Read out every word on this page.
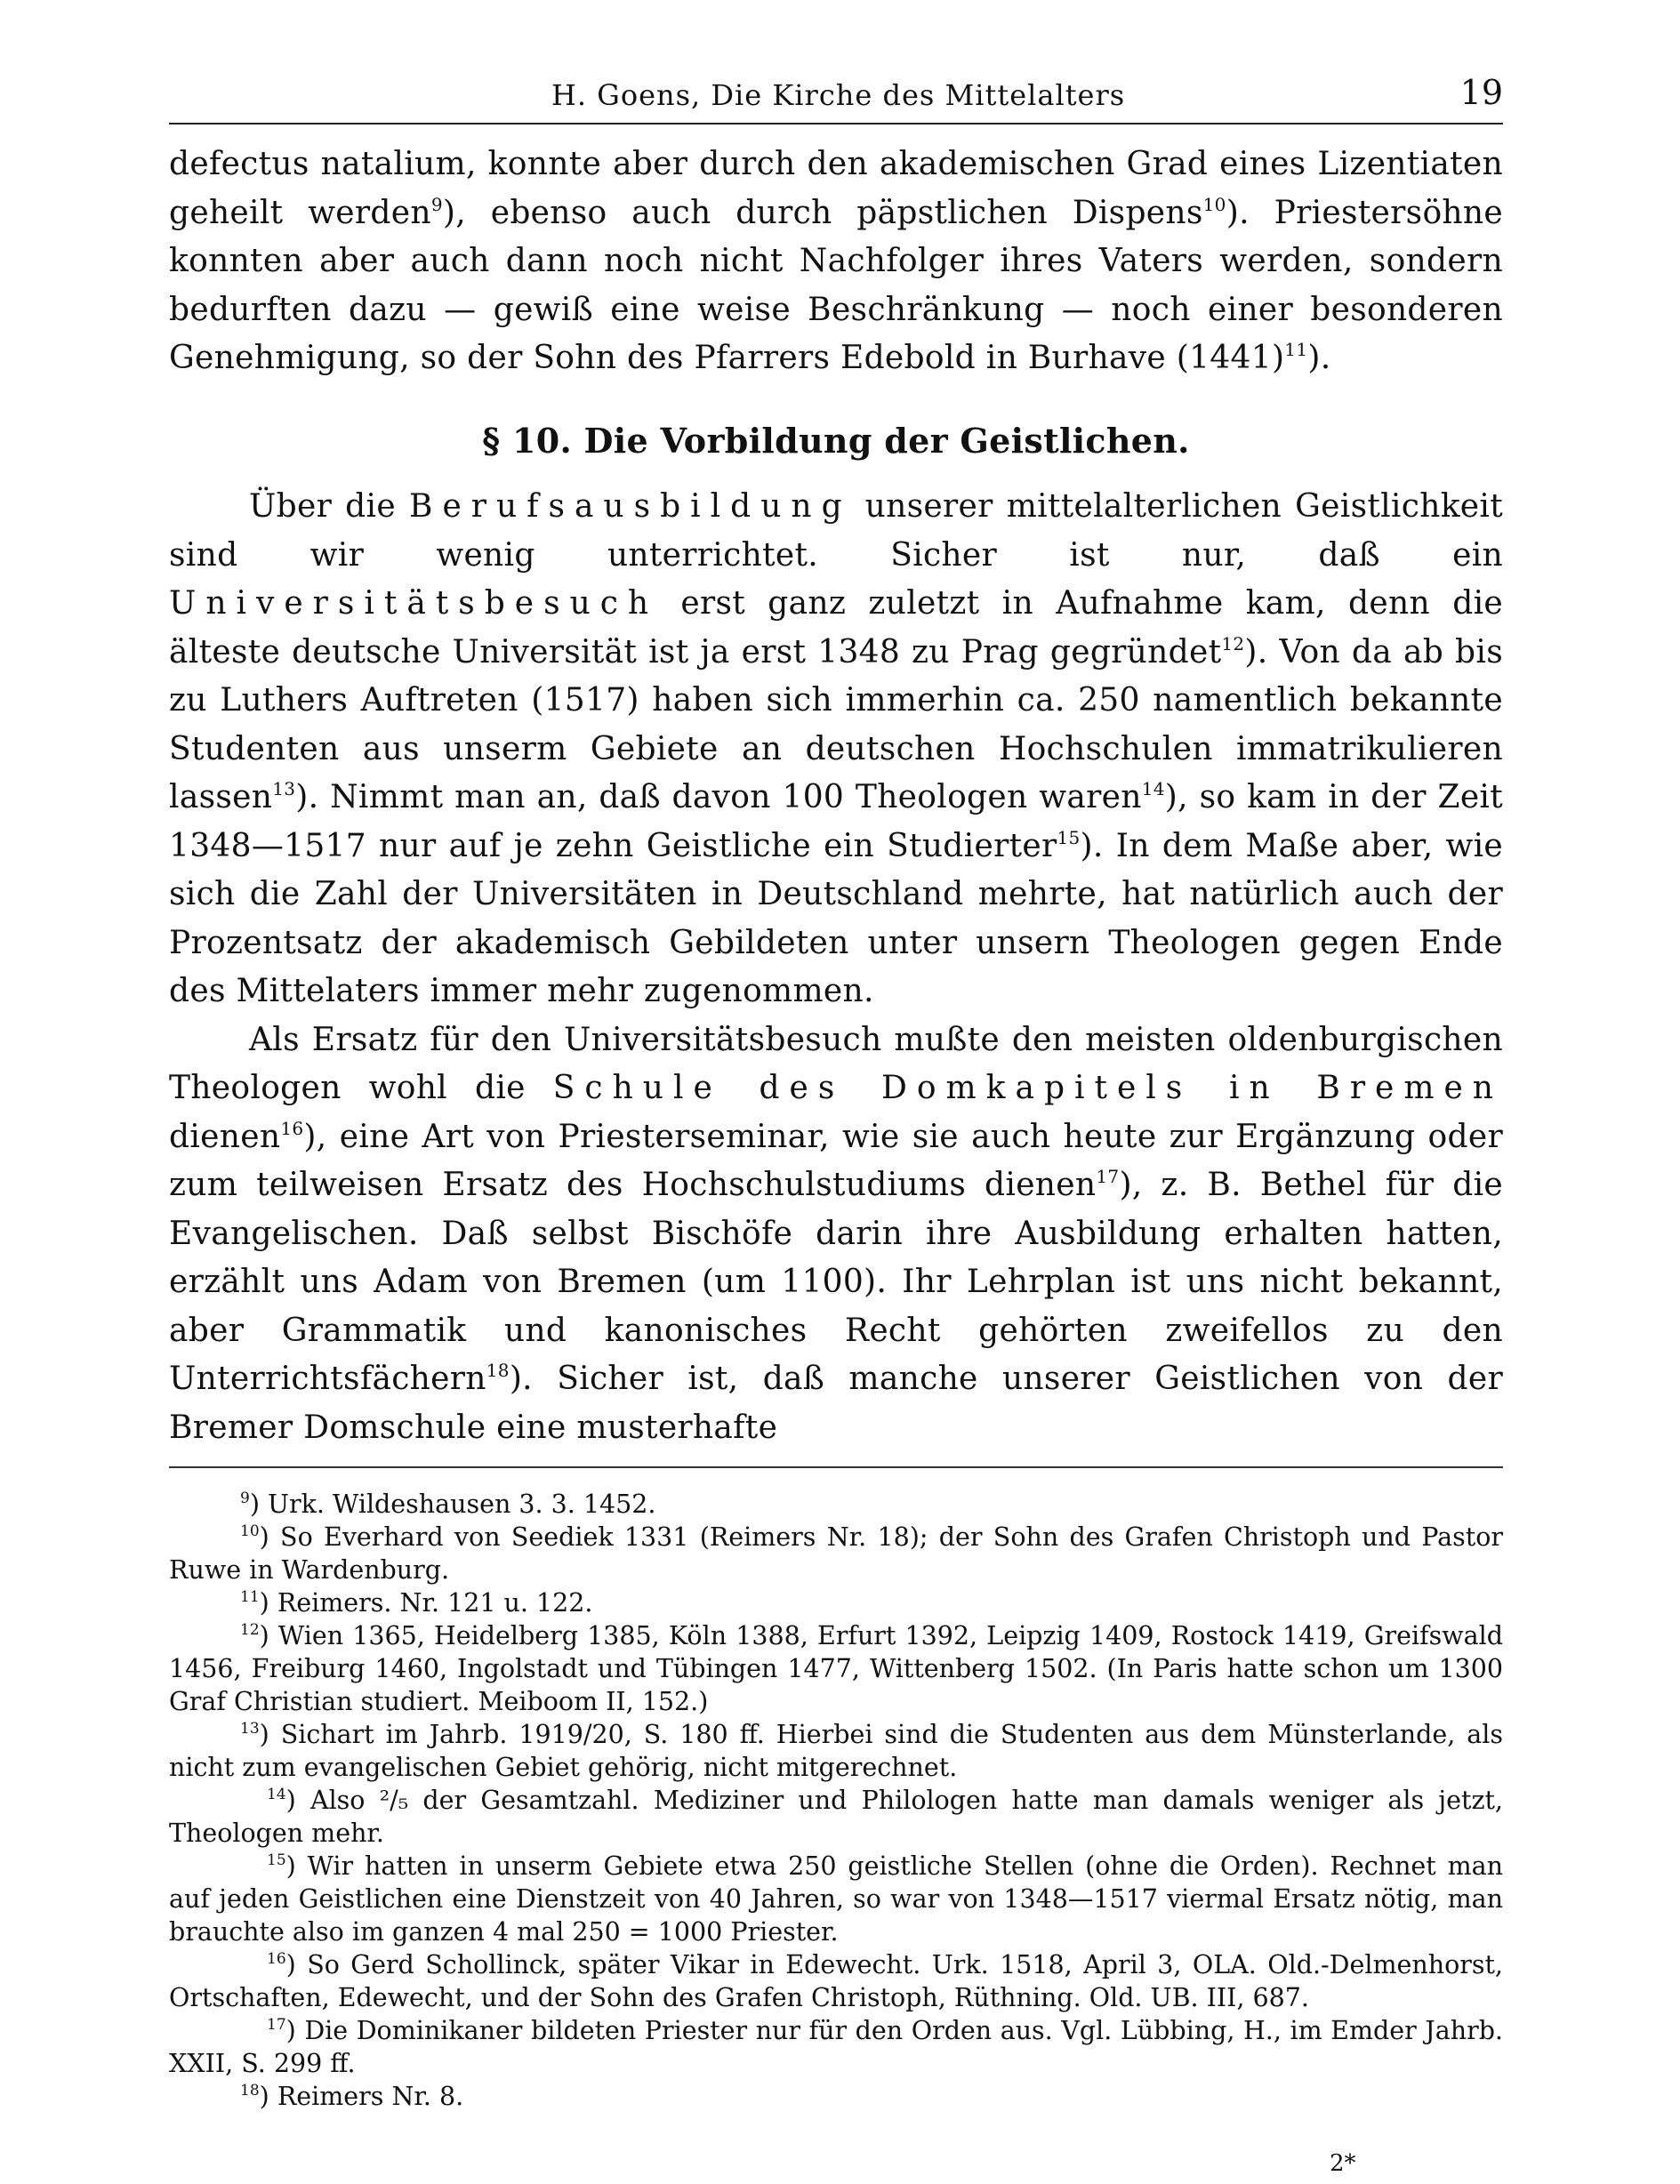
H. Goens, Die Kirche des Mittelalters	19

defectus natalium, konnte aber durch den akademischen Grad eines Lizentiaten geheilt werden$^9$), ebenso auch durch päpstlichen Dispens$^{10}$). Priestersöhne konnten aber auch dann noch nicht Nachfolger ihres Vaters werden, sondern bedurften dazu — gewiß eine weise Beschränkung — noch einer besonderen Genehmigung, so der Sohn des Pfarrers Edebold in Burhave $(1441)^{11}$).

§ 10. Die Vorbildung der Geistlichen.

Über die Berufsausbildung unserer mittelalterlichen Geistlichkeit sind wir wenig unterrichtet. Sicher ist nur, daß ein Universitätsbesuch erst ganz zuletzt in Aufnahme kam, denn die älteste deutsche Universität ist ja erst 1348 zu Prag gegründet$^{12}$). Von da ab bis zu Luthers Auftreten (1517) haben sich immerhin ca. 250 namentlich bekannte Studenten aus unserm Gebiete an deutschen Hochschulen immatrikulieren lassen$^{13}$). Nimmt man an, daß davon 100 Theologen waren$^{14}$), so kam in der Zeit 1348—1517 nur auf je zehn Geistliche ein Studierter$^{15}$). In dem Maße aber, wie sich die Zahl der Universitäten in Deutschland mehrte, hat natürlich auch der Prozentsatz der akademisch Gebildeten unter unsern Theologen gegen Ende des Mittelaters immer mehr zugenommen.

Als Ersatz für den Universitätsbesuch mußte den meisten oldenburgischen Theologen wohl die Schule des Domkapitels in Bremen dienen$^{16}$), eine Art von Priesterseminar, wie sie auch heute zur Ergänzung oder zum teilweisen Ersatz des Hochschulstudiums dienen$^{17}$), z. B. Bethel für die Evangelischen. Daß selbst Bischöfe darin ihre Ausbildung erhalten hatten, erzählt uns Adam von Bremen (um 1100). Ihr Lehrplan ist uns nicht bekannt, aber Grammatik und kanonisches Recht gehörten zweifellos zu den Unterrichtsfächern$^{18}$). Sicher ist, daß manche unserer Geistlichen von der Bremer Domschule eine musterhafte

$^9$) Urk. Wildeshausen 3. 3. 1452.

$^{10}$) So Everhard von Seediek 1331 (Reimers Nr. 18); der Sohn des Grafen Christoph und Pastor Ruwe in Wardenburg.

$^{11}$) Reimers. Nr. 121 u. 122.

$^{12}$) Wien 1365, Heidelberg 1385, Köln 1388, Erfurt 1392, Leipzig 1409, Rostock 1419, Greifswald 1456, Freiburg 1460, Ingolstadt und Tübingen 1477, Wittenberg 1502. (In Paris hatte schon um 1300 Graf Christian studiert. Meiboom II, 152.)

$^{13}$) Sichart im Jahrb. 1919/20, S. 180 ff. Hierbei sind die Studenten aus dem Münsterlande, als nicht zum evangelischen Gebiet gehörig, nicht mitgerechnet.

$^{14}$) Also ²/₅ der Gesamtzahl. Mediziner und Philologen hatte man damals weniger als jetzt, Theologen mehr.

$^{15}$) Wir hatten in unserm Gebiete etwa 250 geistliche Stellen (ohne die Orden). Rechnet man auf jeden Geistlichen eine Dienstzeit von 40 Jahren, so war von 1348—1517 viermal Ersatz nötig, man brauchte also im ganzen 4 mal 250 = 1000 Priester.

$^{16}$) So Gerd Schollinck, später Vikar in Edewecht. Urk. 1518, April 3, OLA. Old.-Delmenhorst, Ortschaften, Edewecht, und der Sohn des Grafen Christoph, Rüthning. Old. UB. III, 687.

$^{17}$) Die Dominikaner bildeten Priester nur für den Orden aus. Vgl. Lübbing, H., im Emder Jahrb. XXII, S. 299 ff.

$^{18}$) Reimers Nr. 8.

2*
